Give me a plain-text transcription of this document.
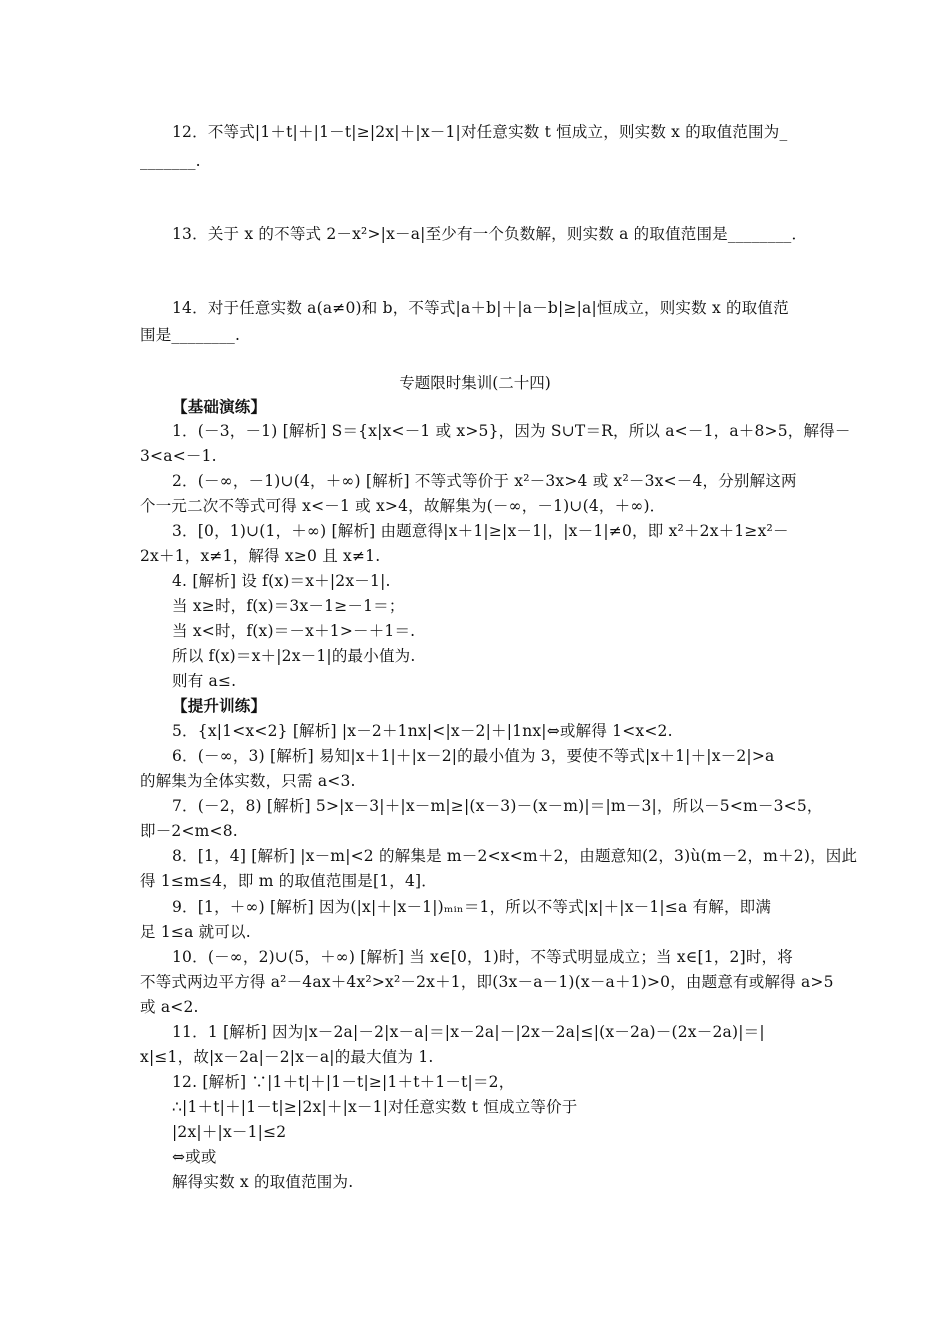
12．不等式|1＋t|＋|1－t|≥|2x|＋|x－1|对任意实数 t 恒成立，则实数 x 的取值范围为_
_______.
13．关于 x 的不等式 2－x²>|x－a|至少有一个负数解，则实数 a 的取值范围是________．
14．对于任意实数 a(a≠0)和 b，不等式|a＋b|＋|a－b|≥|a|恒成立，则实数 x 的取值范
围是________.
专题限时集训(二十四)
【基础演练】
1．(－3，－1) [解析] S＝{x|x<－1 或 x>5}，因为 S∪T＝R，所以 a<－1，a＋8>5，解得－
3<a<－1.
2．(－∞，－1)∪(4，＋∞) [解析] 不等式等价于 x²－3x>4 或 x²－3x<－4，分别解这两
个一元二次不等式可得 x<－1 或 x>4，故解集为(－∞，－1)∪(4，＋∞)．
3．[0，1)∪(1，＋∞) [解析] 由题意得|x＋1|≥|x－1|，|x－1|≠0，即 x²＋2x＋1≥x²－
2x＋1，x≠1，解得 x≥0 且 x≠1.
4. [解析] 设 f(x)＝x＋|2x－1|.
当 x≥时，f(x)＝3x－1≥－1＝；
当 x<时，f(x)＝－x＋1>－＋1＝.
所以 f(x)＝x＋|2x－1|的最小值为.
则有 a≤.
【提升训练】
5．{x|1<x<2} [解析] |x－2＋1nx|<|x－2|＋|1nx|⇔或解得 1<x<2.
6．(－∞，3) [解析] 易知|x＋1|＋|x－2|的最小值为 3，要使不等式|x＋1|＋|x－2|>a
的解集为全体实数，只需 a<3.
7．(－2，8) [解析] 5>|x－3|＋|x－m|≥|(x－3)－(x－m)|＝|m－3|，所以－5<m－3<5，
即－2<m<8.
8．[1，4] [解析] |x－m|<2 的解集是 m－2<x<m＋2，由题意知(2，3)ù(m－2，m＋2)，因此
得 1≤m≤4，即 m 的取值范围是[1，4]．
9．[1，＋∞) [解析] 因为(|x|＋|x－1|)ₘᵢₙ＝1，所以不等式|x|＋|x－1|≤a 有解，即满
足 1≤a 就可以.
10．(－∞，2)∪(5，＋∞) [解析] 当 x∈[0，1)时，不等式明显成立；当 x∈[1，2]时，将
不等式两边平方得 a²－4ax＋4x²>x²－2x＋1，即(3x－a－1)(x－a＋1)>0，由题意有或解得 a>5
或 a<2.
11．1 [解析] 因为|x－2a|－2|x－a|＝|x－2a|－|2x－2a|≤|(x－2a)－(2x－2a)|＝|
x|≤1，故|x－2a|－2|x－a|的最大值为 1.
12. [解析] ∵|1＋t|＋|1－t|≥|1＋t＋1－t|＝2，
∴|1＋t|＋|1－t|≥|2x|＋|x－1|对任意实数 t 恒成立等价于
|2x|＋|x－1|≤2
⇔或或
解得实数 x 的取值范围为.
